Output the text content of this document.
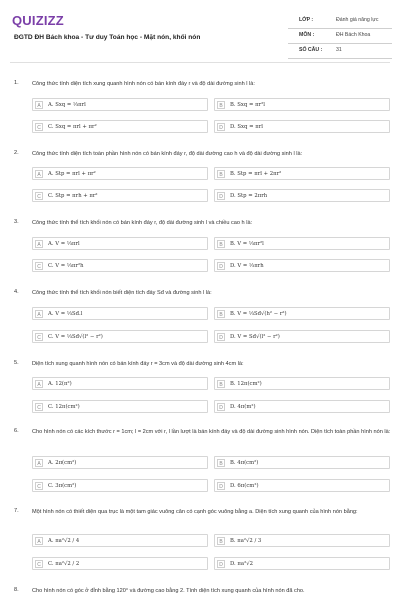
QUIZIZZ
ĐGTD ĐH Bách khoa - Tư duy Toán học - Mặt nón, khối nón
LỚP :	Đánh giá năng lực
MÔN :	ĐH Bách Khoa
SỐ CÂU :	31
1. Công thức tính diện tích xung quanh hình nón có bán kính đáy r và độ dài đường sinh l là:
A	A. Sxq = ⅓πrl	B	B. Sxq = πr²l
C	C. Sxq = πrl + πr²	D	D. Sxq = πrl
2. Công thức tính diện tích toàn phần hình nón có bán kính đáy r, độ dài đường cao h và độ dài đường sinh l là:
A	A. Stp = πrl + πr²	B	B. Stp = πrl + 2πr²
C	C. Stp = πrh + πr²	D	D. Stp = 2πrh
3. Công thức tính thể tích khối nón có bán kính đáy r, độ dài đường sinh l và chiều cao h là:
A	A. V = ⅓πrl	B	B. V = ⅓πr²l
C	C. V = ⅓πr²h	D	D. V = ⅓πrh
4. Công thức tính thể tích khối nón biết diện tích đáy Sđ và đường sinh l là:
A	A. V = ⅓Sđ.l	B	B. V = ⅓Sđ√(h² − r²)
C	C. V = ⅓Sđ√(l² − r²)	D	D. V = Sđ√(l² − r²)
5. Diện tích xung quanh hình nón có bán kính đáy r = 3cm và độ dài đường sinh 4cm là:
A	A. 12(π²)	B	B. 12π(cm²)
C	C. 12π(cm²)	D	D. 4π(m²)
6. Cho hình nón có các kích thước r = 1cm; l = 2cm với r, l lần lượt là bán kính đáy và độ dài đường sinh hình nón. Diện tích toàn phần hình nón là:
A	A. 2π(cm²)	B	B. 4π(cm²)
C	C. 3π(cm²)	D	D. 6π(cm²)
7. Một hình nón có thiết diện qua trục là một tam giác vuông cân có cạnh góc vuông bằng a. Diện tích xung quanh của hình nón bằng:
A	A. πa²√2 / 4	B	B. πa²√2 / 3
C	C. πa²√2 / 2	D	D. πa²√2
8. Cho hình nón có góc ở đỉnh bằng 120° và đường cao bằng 2. Tính diện tích xung quanh của hình nón đã cho.
